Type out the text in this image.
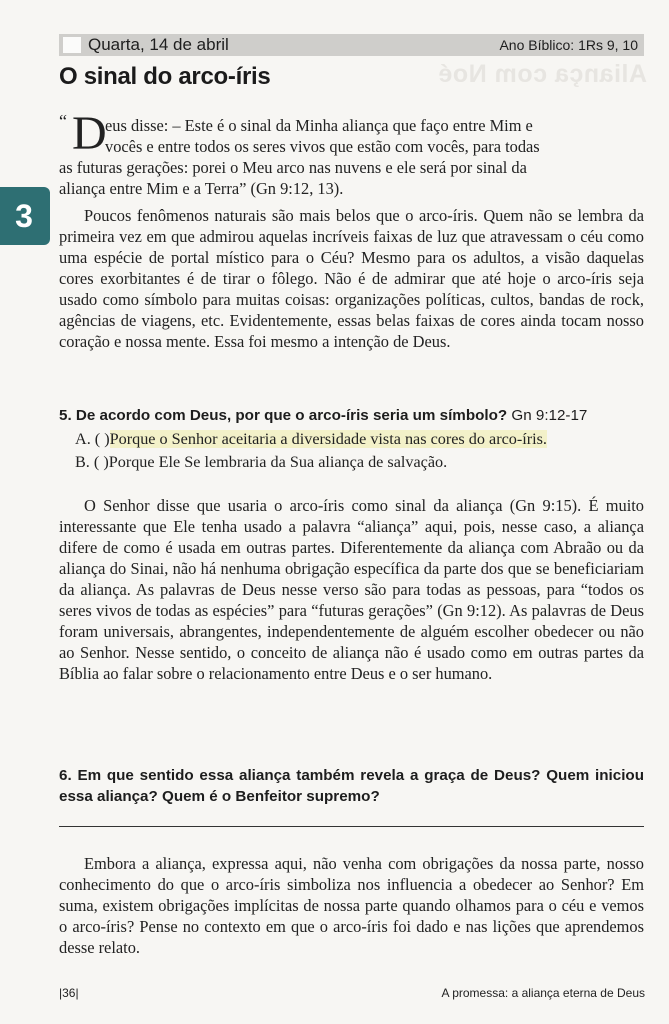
Aliança com Noé
Quarta, 14 de abril	Ano Bíblico: 1Rs 9, 10
O sinal do arco-íris
3
“ D
eus disse: – Este é o sinal da Minha aliança que faço entre Mim e
vocês e entre todos os seres vivos que estão com vocês, para todas
as futuras gerações: porei o Meu arco nas nuvens e ele será por sinal da
aliança entre Mim e a Terra” (Gn 9:12, 13).

Poucos fenômenos naturais são mais belos que o arco-íris. Quem não se lembra da primeira vez em que admirou aquelas incríveis faixas de luz que atravessam o céu como uma espécie de portal místico para o Céu? Mesmo para os adultos, a visão daquelas cores exorbitantes é de tirar o fôlego. Não é de admirar que até hoje o arco-íris seja usado como símbolo para muitas coisas: organizações políticas, cultos, bandas de rock, agências de viagens, etc. Evidentemente, essas belas faixas de cores ainda tocam nosso coração e nossa mente. Essa foi mesmo a intenção de Deus.

5. De acordo com Deus, por que o arco-íris seria um símbolo? Gn 9:12-17
A. ( )Porque o Senhor aceitaria a diversidade vista nas cores do arco-íris.
B. ( )Porque Ele Se lembraria da Sua aliança de salvação.

O Senhor disse que usaria o arco-íris como sinal da aliança (Gn 9:15). É muito interessante que Ele tenha usado a palavra “aliança” aqui, pois, nesse caso, a aliança difere de como é usada em outras partes. Diferentemente da aliança com Abraão ou da aliança do Sinai, não há nenhuma obrigação específica da parte dos que se beneficiariam da aliança. As palavras de Deus nesse verso são para todas as pessoas, para “todos os seres vivos de todas as espécies” para “futuras gerações” (Gn 9:12). As palavras de Deus foram universais, abrangentes, independentemente de alguém escolher obedecer ou não ao Senhor. Nesse sentido, o conceito de aliança não é usado como em outras partes da Bíblia ao falar sobre o relacionamento entre Deus e o ser humano.

6. Em que sentido essa aliança também revela a graça de Deus? Quem iniciou essa aliança? Quem é o Benfeitor supremo?

Embora a aliança, expressa aqui, não venha com obrigações da nossa parte, nosso conhecimento do que o arco-íris simboliza nos influencia a obedecer ao Senhor? Em suma, existem obrigações implícitas de nossa parte quando olhamos para o céu e vemos o arco-íris? Pense no contexto em que o arco-íris foi dado e nas lições que aprendemos desse relato.

|36|	A promessa: a aliança eterna de Deus
